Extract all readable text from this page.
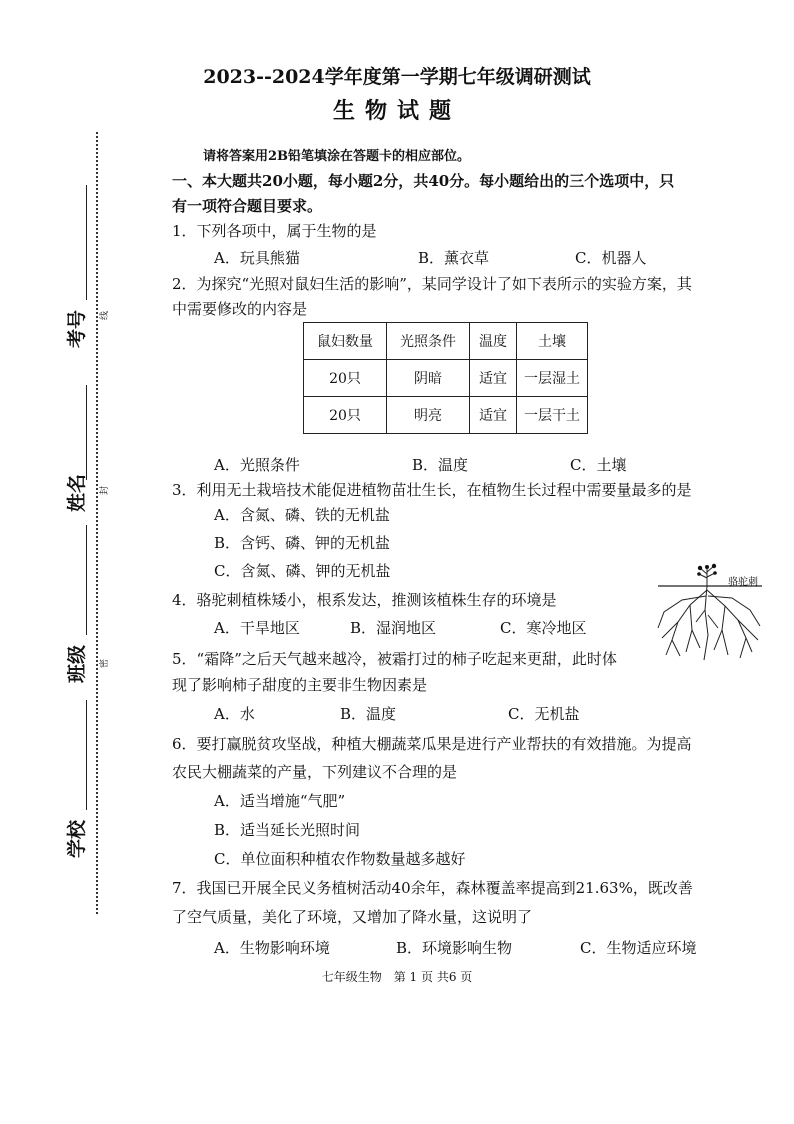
考号	线
姓名	封
班级	密
学校
2023--2024学年度第一学期七年级调研测试
生物试题
请将答案用2B铅笔填涂在答题卡的相应部位。
一、本大题共20小题，每小题2分，共40分。每小题给出的三个选项中，只
有一项符合题目要求。
1．下列各项中，属于生物的是
A．玩具熊猫	B．薰衣草	C．机器人
2．为探究“光照对鼠妇生活的影响”，某同学设计了如下表所示的实验方案，其
中需要修改的内容是
鼠妇数量	光照条件	温度	土壤
20只	阴暗	适宜	一层湿土
20只	明亮	适宜	一层干土
A．光照条件	B．温度	C．土壤
3．利用无土栽培技术能促进植物苗壮生长，在植物生长过程中需要量最多的是
A．含氮、磷、铁的无机盐
B．含钙、磷、钾的无机盐
C．含氮、磷、钾的无机盐
4．骆驼刺植株矮小，根系发达，推测该植株生存的环境是
A．干旱地区	B．湿润地区	C．寒冷地区
骆驼刺
5．“霜降”之后天气越来越冷，被霜打过的柿子吃起来更甜，此时体
现了影响柿子甜度的主要非生物因素是
A．水	B．温度	C．无机盐
6．要打赢脱贫攻坚战，种植大棚蔬菜瓜果是进行产业帮扶的有效措施。为提高
农民大棚蔬菜的产量，下列建议不合理的是
A．适当增施“气肥”
B．适当延长光照时间
C．单位面积种植农作物数量越多越好
7．我国已开展全民义务植树活动40余年，森林覆盖率提高到21.63%，既改善
了空气质量，美化了环境，又增加了降水量，这说明了
A．生物影响环境	B．环境影响生物	C．生物适应环境
七年级生物　第 1 页 共6 页
